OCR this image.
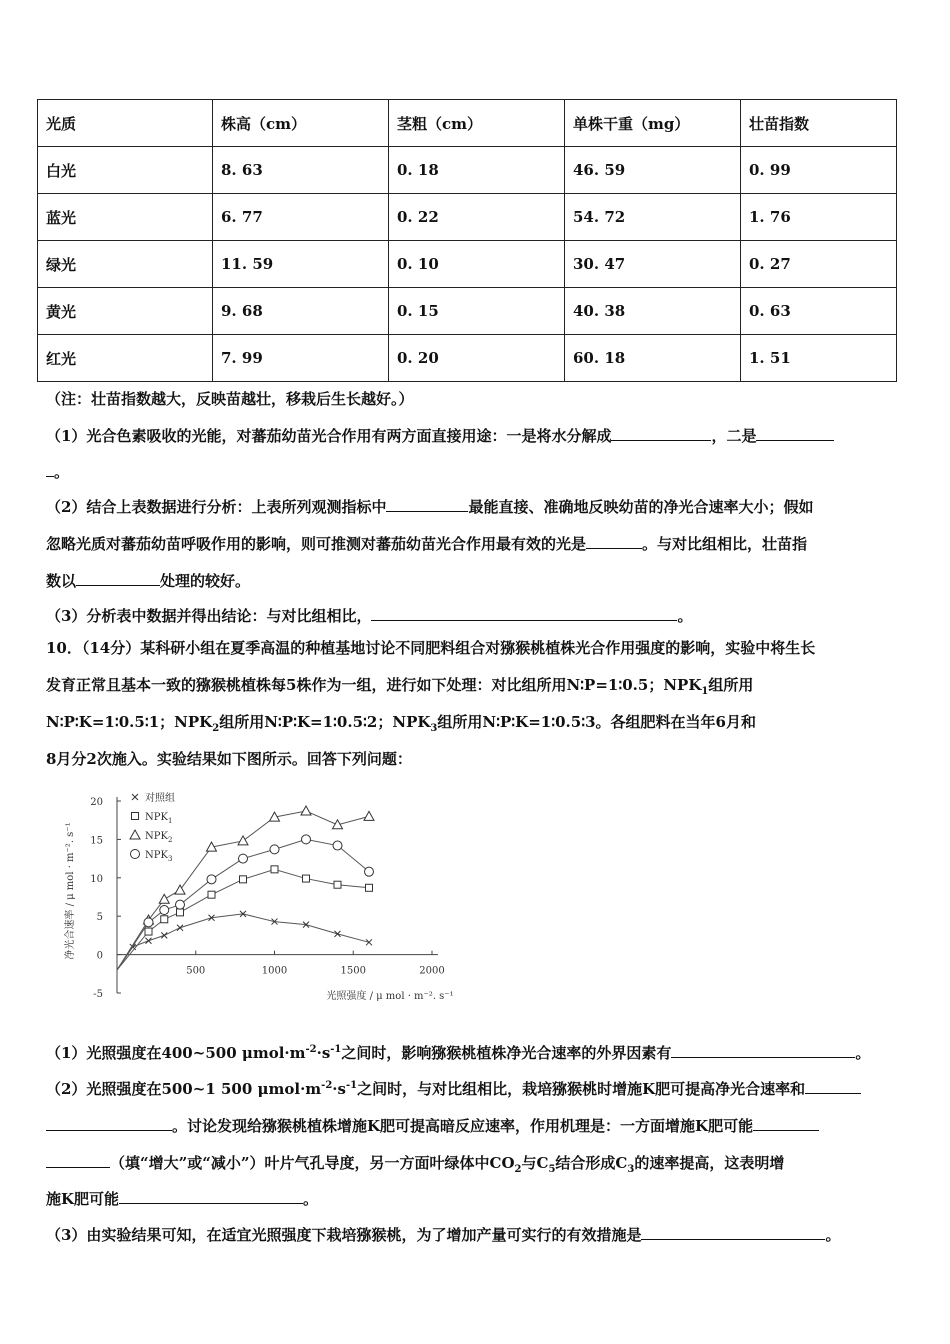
光质	株高（cm）	茎粗（cm）	单株干重（mg）	壮苗指数
白光	8. 63	0. 18	46. 59	0. 99
蓝光	6. 77	0. 22	54. 72	1. 76
绿光	11. 59	0. 10	30. 47	0. 27
黄光	9. 68	0. 15	40. 38	0. 63
红光	7. 99	0. 20	60. 18	1. 51
（注：壮苗指数越大，反映苗越壮，移栽后生长越好。）
（1）光合色素吸收的光能，对蕃茄幼苗光合作用有两方面直接用途：一是将水分解成	，二是
。
（2）结合上表数据进行分析：上表所列观测指标中	最能直接、准确地反映幼苗的净光合速率大小；假如
忽略光质对蕃茄幼苗呼吸作用的影响，则可推测对蕃茄幼苗光合作用最有效的光是	。与对比组相比，壮苗指
数以	处理的较好。
（3）分析表中数据并得出结论：与对比组相比，	。
10．（14分）某科研小组在夏季高温的种植基地讨论不同肥料组合对猕猴桃植株光合作用强度的影响，实验中将生长
发育正常且基本一致的猕猴桃植株每5株作为一组，进行如下处理：对比组所用N∶P=1∶0.5；$NPK_1$组所用
N∶P∶K=1∶0.5∶1；$NPK_2$组所用N∶P∶K=1∶0.5∶2；$NPK_3$组所用N∶P∶K=1∶0.5∶3。各组肥料在当年6月和
8月分2次施入。实验结果如下图所示。回答下列问题：
20
15
10
5
0
-5
500	1000	1500	2000
光照强度 / μ mol · m⁻². s⁻¹
净光合速率 / μ mol · m⁻². s⁻¹
对照组
$NPK_1$
$NPK_2$
$NPK_3$
（1）光照强度在400~500 $\mu mol\cdot m^{-2}\cdot s^{-1}$之间时，影响猕猴桃植株净光合速率的外界因素有	。
（2）光照强度在500~1 500 $\mu mol\cdot m^{-2}\cdot s^{-1}$之间时，与对比组相比，栽培猕猴桃时增施K肥可提高净光合速率和
。讨论发现给猕猴桃植株增施K肥可提高暗反应速率，作用机理是：一方面增施K肥可能
（填“增大”或“减小”）叶片气孔导度，另一方面叶绿体中$CO_2$与$C_5$结合形成$C_3$的速率提高，这表明增
施K肥可能	。
（3）由实验结果可知，在适宜光照强度下栽培猕猴桃，为了增加产量可实行的有效措施是	。
